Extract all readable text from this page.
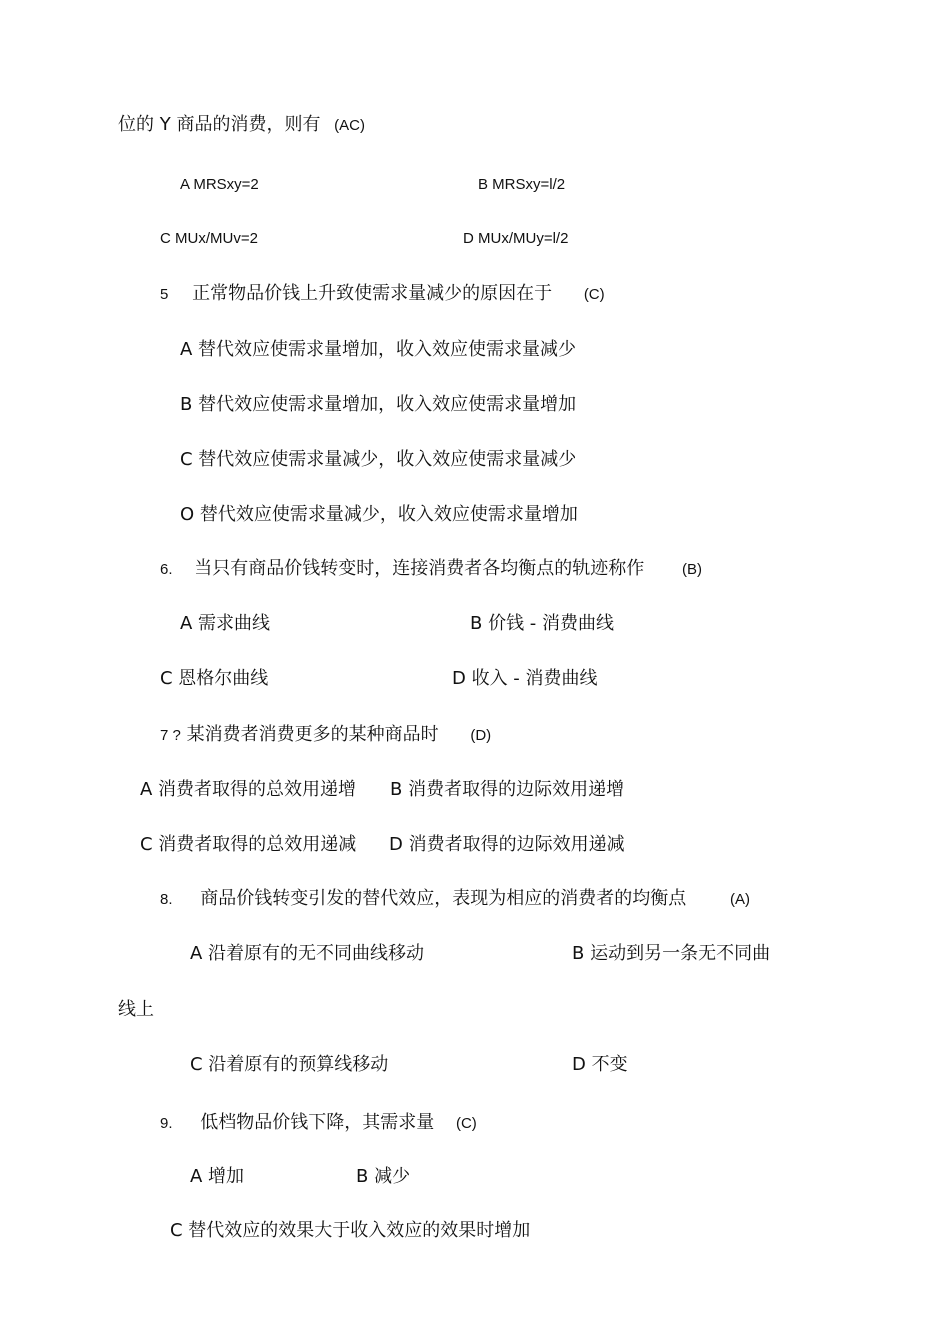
位的 Y 商品的消费，则有 (AC)
A MRSxy=2	B MRSxy=l/2
C MUx/MUv=2	D MUx/MUy=l/2
5 正常物品价钱上升致使需求量减少的原因在于 (C)
A 替代效应使需求量增加，收入效应使需求量减少
B 替代效应使需求量增加，收入效应使需求量增加
C 替代效应使需求量减少，收入效应使需求量减少
O 替代效应使需求量减少，收入效应使需求量增加
6. 当只有商品价钱转变时，连接消费者各均衡点的轨迹称作	(B)
A 需求曲线	B 价钱 - 消费曲线
C 恩格尔曲线	D 收入 - 消费曲线
7 ? 某消费者消费更多的某种商品时 (D)
A 消费者取得的总效用递增 B 消费者取得的边际效用递增
C 消费者取得的总效用递减 D 消费者取得的边际效用递减
8. 商品价钱转变引发的替代效应，表现为相应的消费者的均衡点	(A)
A 沿着原有的无不同曲线移动	B 运动到另一条无不同曲
线上
C 沿着原有的预算线移动	D 不变
9. 低档物品价钱下降，其需求量 (C)
A 增加	B 减少
C 替代效应的效果大于收入效应的效果时增加
